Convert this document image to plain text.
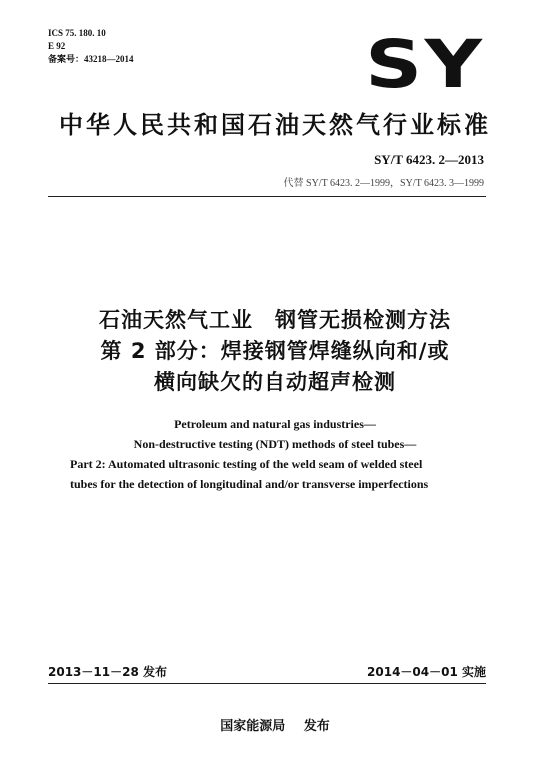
ICS 75. 180. 10
E 92
备案号：43218—2014	SY
中华人民共和国石油天然气行业标准
SY/T 6423. 2—2013
代替 SY/T 6423. 2—1999，SY/T 6423. 3—1999
石油天然气工业　钢管无损检测方法
第 2 部分：焊接钢管焊缝纵向和/或
横向缺欠的自动超声检测
Petroleum and natural gas industries—
Non-destructive testing (NDT) methods of steel tubes—
Part 2: Automated ultrasonic testing of the weld seam of welded steel
tubes for the detection of longitudinal and/or transverse imperfections
2013－11－28 发布	2014－04－01 实施
国家能源局 发布
